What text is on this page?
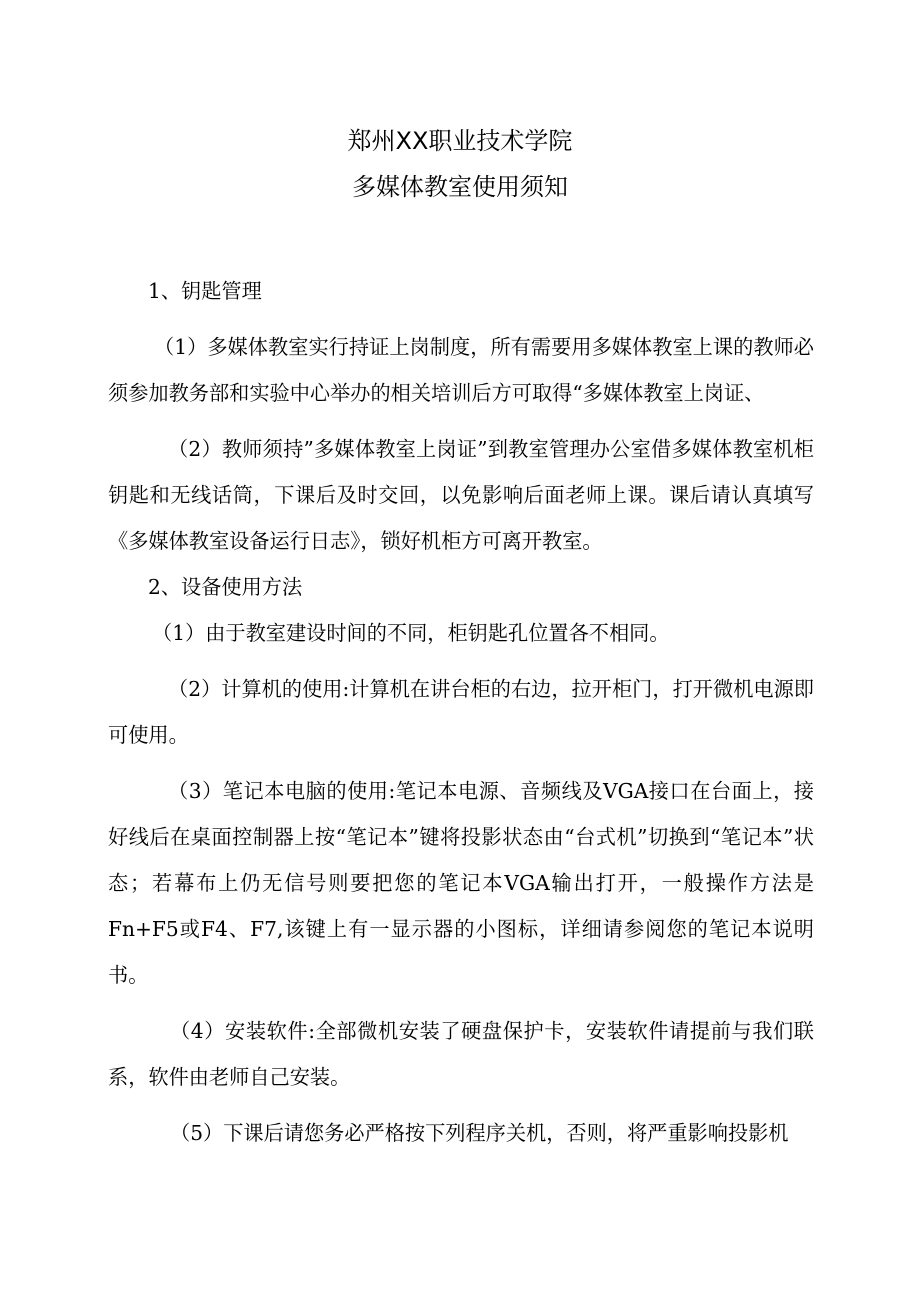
郑州XX职业技术学院
多媒体教室使用须知

1、钥匙管理

（1）多媒体教室实行持证上岗制度，所有需要用多媒体教室上课的教师必须参加教务部和实验中心举办的相关培训后方可取得“多媒体教室上岗证、

（2）教师须持”多媒体教室上岗证”到教室管理办公室借多媒体教室机柜钥匙和无线话筒，下课后及时交回，以免影响后面老师上课。课后请认真填写《多媒体教室设备运行日志》，锁好机柜方可离开教室。

2、设备使用方法

（1）由于教室建设时间的不同，柜钥匙孔位置各不相同。

（2）计算机的使用:计算机在讲台柜的右边，拉开柜门，打开微机电源即可使用。

（3）笔记本电脑的使用:笔记本电源、音频线及VGA接口在台面上，接好线后在桌面控制器上按“笔记本”键将投影状态由“台式机”切换到“笔记本”状态；若幕布上仍无信号则要把您的笔记本VGA输出打开，一般操作方法是Fn+F5或F4、F7,该键上有一显示器的小图标，详细请参阅您的笔记本说明书。

（4）安装软件:全部微机安装了硬盘保护卡，安装软件请提前与我们联系，软件由老师自己安装。

（5）下课后请您务必严格按下列程序关机，否则，将严重影响投影机
